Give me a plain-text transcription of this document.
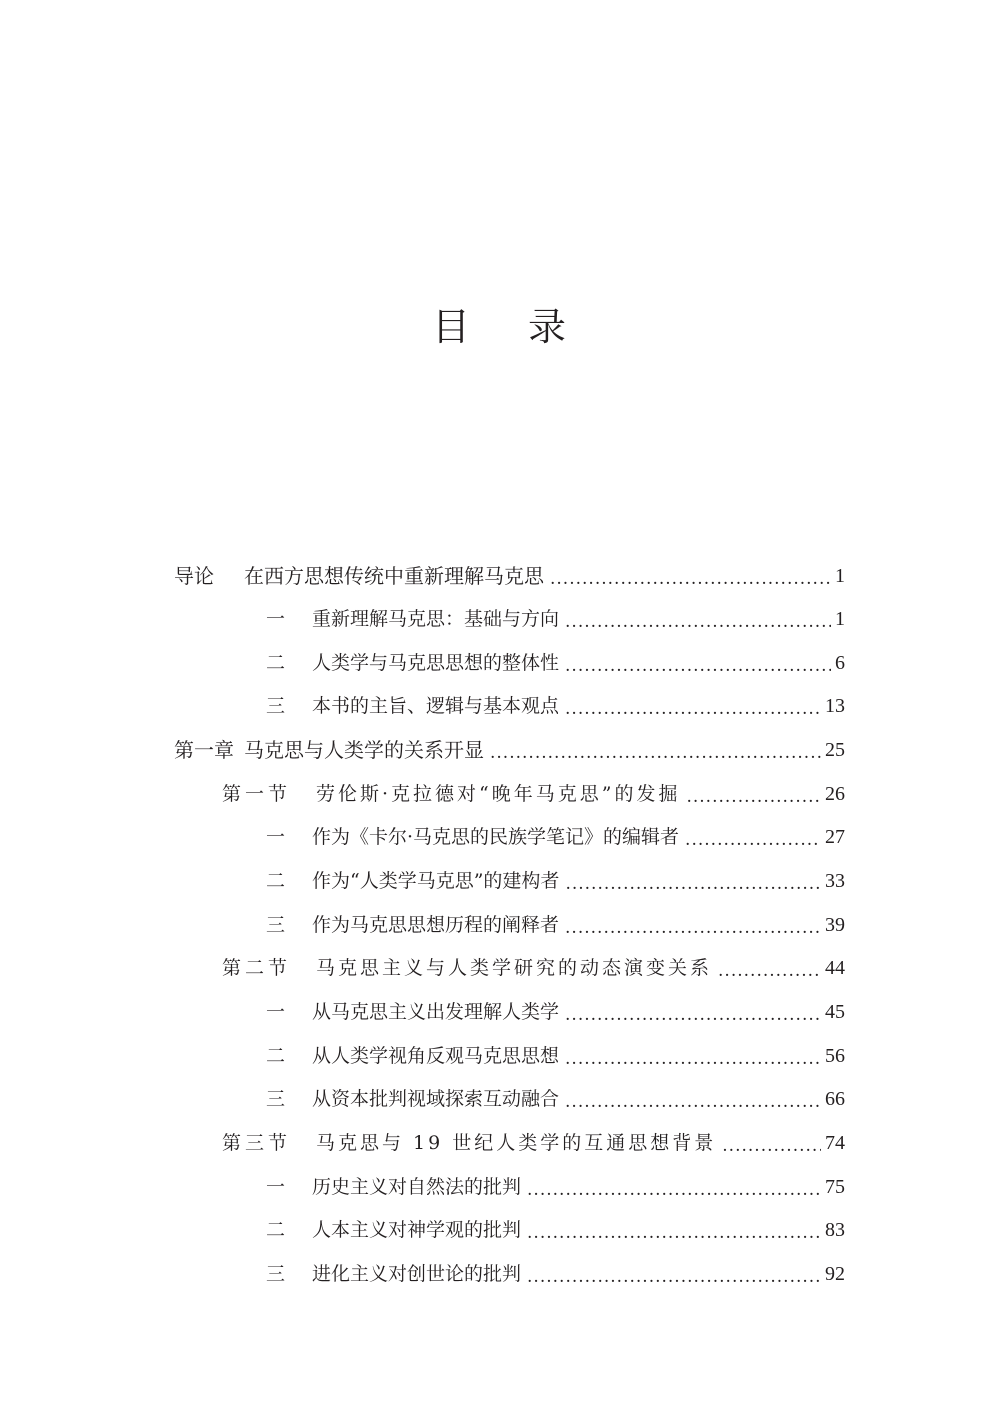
目 录
导论	在西方思想传统中重新理解马克思 .....	1
一	重新理解马克思：基础与方向 .....	1
二	人类学与马克思思想的整体性 .....	6
三	本书的主旨、逻辑与基本观点 .....	13
第一章 马克思与人类学的关系开显 .....	25
第一节	劳伦斯·克拉德对“晚年马克思”的发掘 .....	26
一	作为《卡尔·马克思的民族学笔记》的编辑者 .....	27
二	作为“人类学马克思”的建构者 .....	33
三	作为马克思思想历程的阐释者 .....	39
第二节	马克思主义与人类学研究的动态演变关系 .....	44
一	从马克思主义出发理解人类学 .....	45
二	从人类学视角反观马克思思想 .....	56
三	从资本批判视域探索互动融合 .....	66
第三节	马克思与 19 世纪人类学的互通思想背景 .....	74
一	历史主义对自然法的批判 .....	75
二	人本主义对神学观的批判 .....	83
三	进化主义对创世论的批判 .....	92
